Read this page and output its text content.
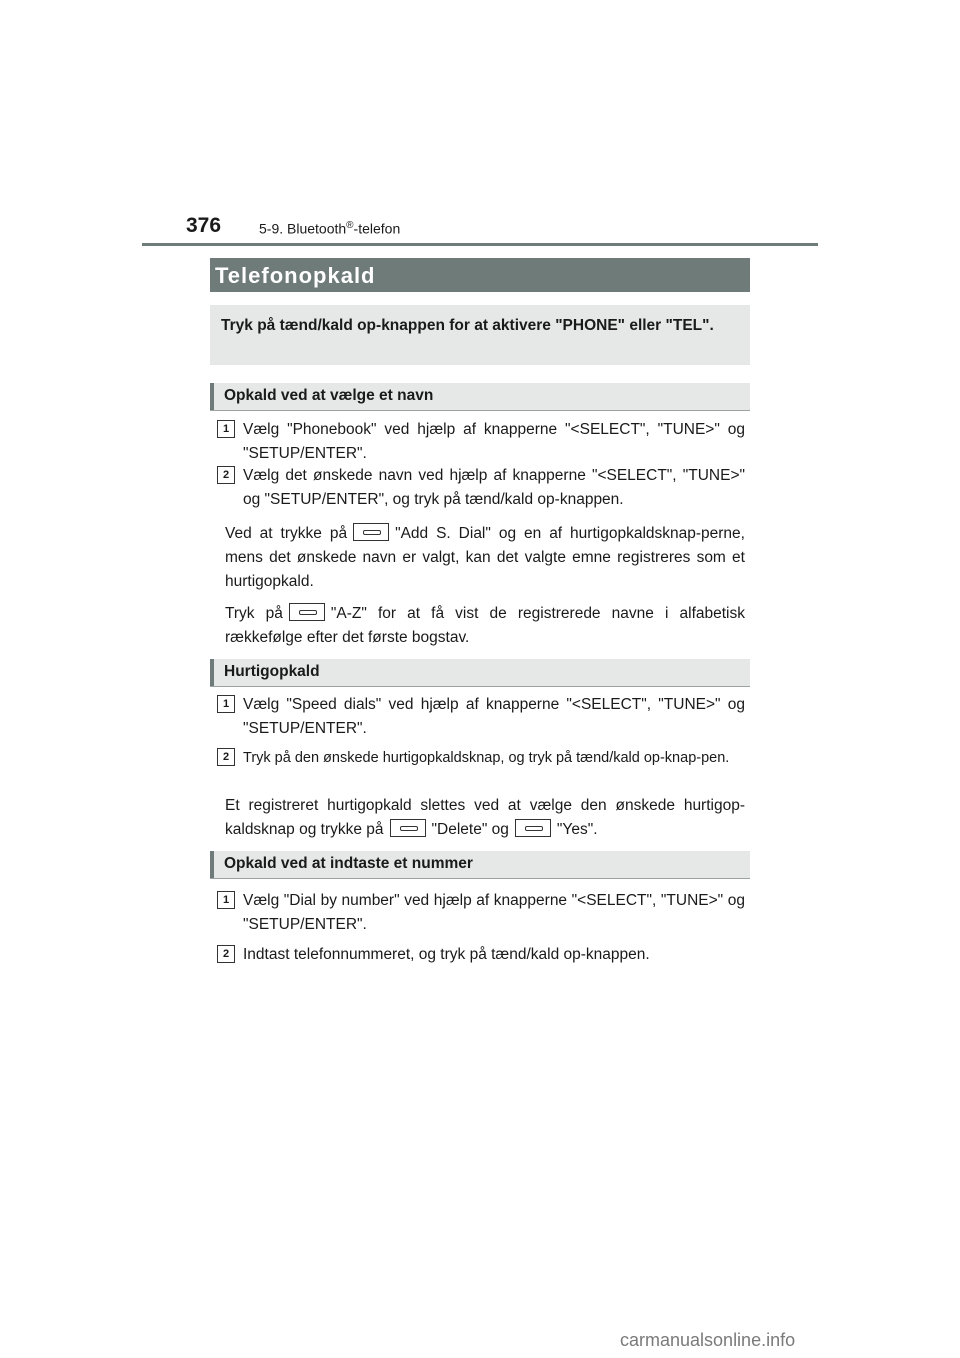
376	5-9. Bluetooth®-telefon
Telefonopkald
Tryk på tænd/kald op-knappen for at aktivere "PHONE" eller "TEL".
Opkald ved at vælge et navn
1 Vælg "Phonebook" ved hjælp af knapperne "<SELECT", "TUNE>" og "SETUP/ENTER".
2 Vælg det ønskede navn ved hjælp af knapperne "<SELECT", "TUNE>" og "SETUP/ENTER", og tryk på tænd/kald op-knappen.
Ved at trykke på	"Add S. Dial" og en af hurtigopkaldsknap-perne, mens det ønskede navn er valgt, kan det valgte emne registreres som et hurtigopkald.
Tryk på	"A-Z" for at få vist de registrerede navne i alfabetisk rækkefølge efter det første bogstav.
Hurtigopkald
1 Vælg "Speed dials" ved hjælp af knapperne "<SELECT", "TUNE>" og "SETUP/ENTER".
2 Tryk på den ønskede hurtigopkaldsknap, og tryk på tænd/kald op-knap-pen.
Et registreret hurtigopkald slettes ved at vælge den ønskede hurtigop-kaldsknap og trykke på	"Delete" og	"Yes".
Opkald ved at indtaste et nummer
1 Vælg "Dial by number" ved hjælp af knapperne "<SELECT", "TUNE>" og "SETUP/ENTER".
2 Indtast telefonnummeret, og tryk på tænd/kald op-knappen.
carmanualsonline.info
